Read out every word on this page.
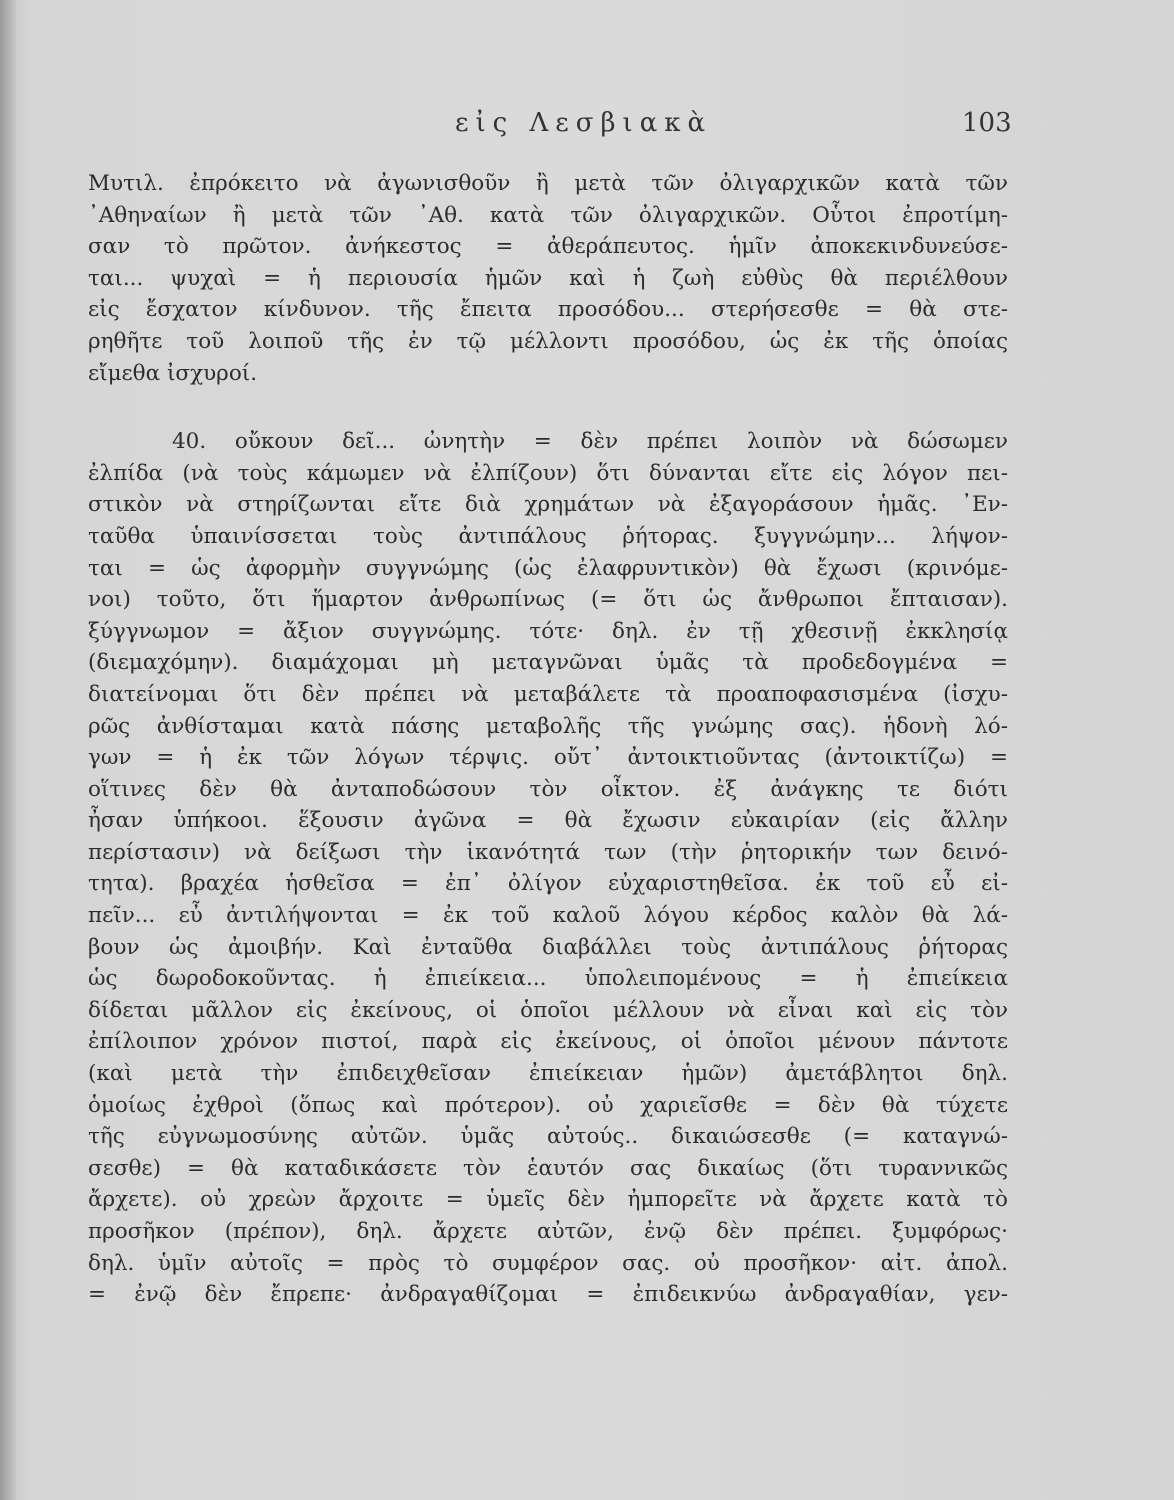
εἰς Λεσβιακὰ	103
Μυτιλ. ἐπρόκειτο νὰ ἀγωνισθοῦν ἢ μετὰ τῶν ὀλιγαρχικῶν κατὰ τῶν
᾿Αθηναίων ἢ μετὰ τῶν ᾿Αθ. κατὰ τῶν ὀλιγαρχικῶν. Οὗτοι ἐπροτίμη-
σαν τὸ πρῶτον. ἀνήκεστος = ἀθεράπευτος. ἡμῖν ἀποκεκινδυνεύσε-
ται... ψυχαὶ = ἡ περιουσία ἡμῶν καὶ ἡ ζωὴ εὐθὺς θὰ περιέλθουν
εἰς ἔσχατον κίνδυνον. τῆς ἔπειτα προσόδου... στερήσεσθε = θὰ στε-
ρηθῆτε τοῦ λοιποῦ τῆς ἐν τῷ μέλλοντι προσόδου, ὡς ἐκ τῆς ὁποίας
εἴμεθα ἰσχυροί.
40. οὔκουν δεῖ... ὠνητὴν = δὲν πρέπει λοιπὸν νὰ δώσωμεν
ἐλπίδα (νὰ τοὺς κάμωμεν νὰ ἐλπίζουν) ὅτι δύνανται εἴτε εἰς λόγον πει-
στικὸν νὰ στηρίζωνται εἴτε διὰ χρημάτων νὰ ἐξαγοράσουν ἡμᾶς. ᾿Εν-
ταῦθα ὑπαινίσσεται τοὺς ἀντιπάλους ῥήτορας. ξυγγνώμην... λήψον-
ται = ὡς ἀφορμὴν συγγνώμης (ὡς ἐλαφρυντικὸν) θὰ ἔχωσι (κρινόμε-
νοι) τοῦτο, ὅτι ἥμαρτον ἀνθρωπίνως (= ὅτι ὡς ἄνθρωποι ἔπταισαν).
ξύγγνωμον = ἄξιον συγγνώμης. τότε· δηλ. ἐν τῇ χθεσινῇ ἐκκλησίᾳ
(διεμαχόμην). διαμάχομαι μὴ μεταγνῶναι ὑμᾶς τὰ προδεδογμένα =
διατείνομαι ὅτι δὲν πρέπει νὰ μεταβάλετε τὰ προαποφασισμένα (ἰσχυ-
ρῶς ἀνθίσταμαι κατὰ πάσης μεταβολῆς τῆς γνώμης σας). ἡδονὴ λό-
γων = ἡ ἐκ τῶν λόγων τέρψις. οὔτ᾿ ἀντοικτιοῦντας (ἀντοικτίζω) =
οἵτινες δὲν θὰ ἀνταποδώσουν τὸν οἶκτον. ἐξ ἀνάγκης τε διότι
ἦσαν ὑπήκοοι. ἕξουσιν ἀγῶνα = θὰ ἔχωσιν εὐκαιρίαν (εἰς ἄλλην
περίστασιν) νὰ δείξωσι τὴν ἱκανότητά των (τὴν ῥητορικήν των δεινό-
τητα). βραχέα ἡσθεῖσα = ἐπ᾿ ὀλίγον εὐχαριστηθεῖσα. ἐκ τοῦ εὖ εἰ-
πεῖν... εὖ ἀντιλήψονται = ἐκ τοῦ καλοῦ λόγου κέρδος καλὸν θὰ λά-
βουν ὡς ἀμοιβήν. Καὶ ἐνταῦθα διαβάλλει τοὺς ἀντιπάλους ῥήτορας
ὡς δωροδοκοῦντας. ἡ ἐπιείκεια... ὑπολειπομένους = ἡ ἐπιείκεια
δίδεται μᾶλλον εἰς ἐκείνους, οἱ ὁποῖοι μέλλουν νὰ εἶναι καὶ εἰς τὸν
ἐπίλοιπον χρόνον πιστοί, παρὰ εἰς ἐκείνους, οἱ ὁποῖοι μένουν πάντοτε
(καὶ μετὰ τὴν ἐπιδειχθεῖσαν ἐπιείκειαν ἡμῶν) ἀμετάβλητοι δηλ.
ὁμοίως ἐχθροὶ (ὅπως καὶ πρότερον). οὐ χαριεῖσθε = δὲν θὰ τύχετε
τῆς εὐγνωμοσύνης αὐτῶν. ὑμᾶς αὐτούς.. δικαιώσεσθε (= καταγνώ-
σεσθε) = θὰ καταδικάσετε τὸν ἑαυτόν σας δικαίως (ὅτι τυραννικῶς
ἄρχετε). οὐ χρεὼν ἄρχοιτε = ὑμεῖς δὲν ἠμπορεῖτε νὰ ἄρχετε κατὰ τὸ
προσῆκον (πρέπον), δηλ. ἄρχετε αὐτῶν, ἐνῷ δὲν πρέπει. ξυμφόρως·
δηλ. ὑμῖν αὐτοῖς = πρὸς τὸ συμφέρον σας. οὐ προσῆκον· αἰτ. ἀπολ.
= ἐνῷ δὲν ἔπρεπε· ἀνδραγαθίζομαι = ἐπιδεικνύω ἀνδραγαθίαν, γεν-
